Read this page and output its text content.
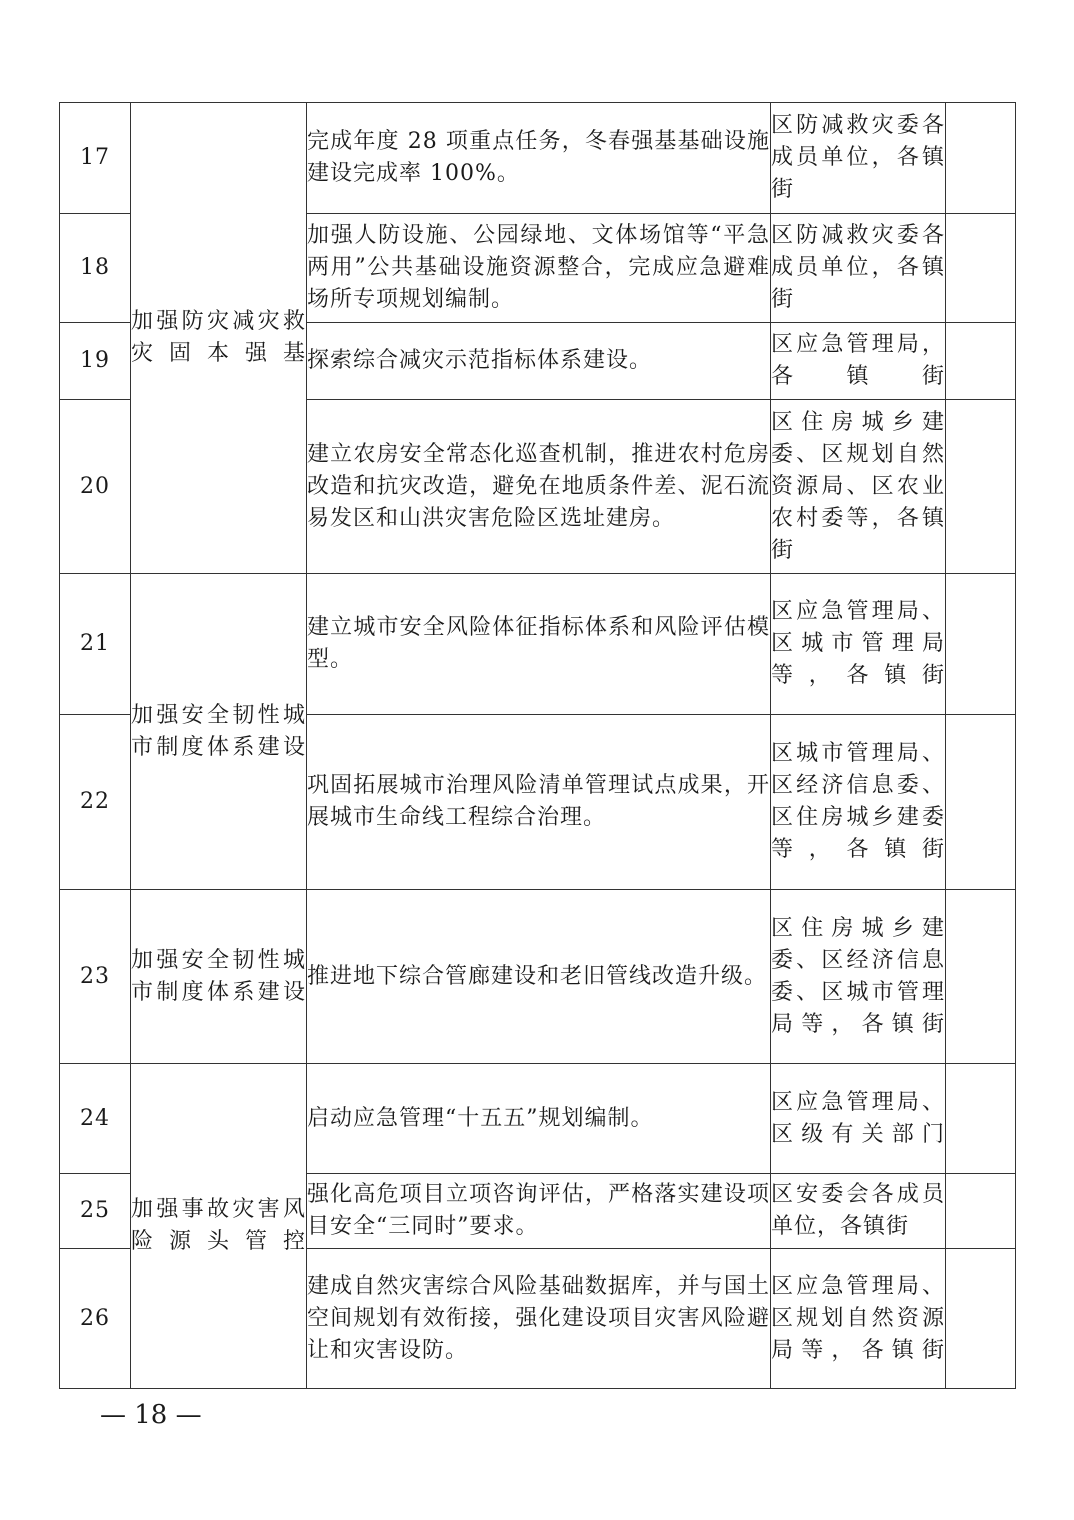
17	加强防灾减灾救灾固本强基	完成年度 28 项重点任务，冬春强基基础设施建设完成率 100%。	区防减救灾委各成员单位，各镇街	
18		加强人防设施、公园绿地、文体场馆等“平急两用”公共基础设施资源整合，完成应急避难场所专项规划编制。	区防减救灾委各成员单位，各镇街	
19		探索综合减灾示范指标体系建设。	区应急管理局，各镇街	
20		建立农房安全常态化巡查机制，推进农村危房改造和抗灾改造，避免在地质条件差、泥石流易发区和山洪灾害危险区选址建房。	区住房城乡建委、区规划自然资源局、区农业农村委等，各镇街	
21	加强安全韧性城市制度体系建设	建立城市安全风险体征指标体系和风险评估模型。	区应急管理局、区城市管理局等，各镇街	
22		巩固拓展城市治理风险清单管理试点成果，开展城市生命线工程综合治理。	区城市管理局、区经济信息委、区住房城乡建委等，各镇街	
23	加强安全韧性城市制度体系建设	推进地下综合管廊建设和老旧管线改造升级。	区住房城乡建委、区经济信息委、区城市管理局等，各镇街	
24	加强事故灾害风险源头管控	启动应急管理“十五五”规划编制。	区应急管理局、区级有关部门	
25		强化高危项目立项咨询评估，严格落实建设项目安全“三同时”要求。	区安委会各成员单位，各镇街	
26		建成自然灾害综合风险基础数据库，并与国土空间规划有效衔接，强化建设项目灾害风险避让和灾害设防。	区应急管理局、区规划自然资源局等，各镇街	
— 18 —
